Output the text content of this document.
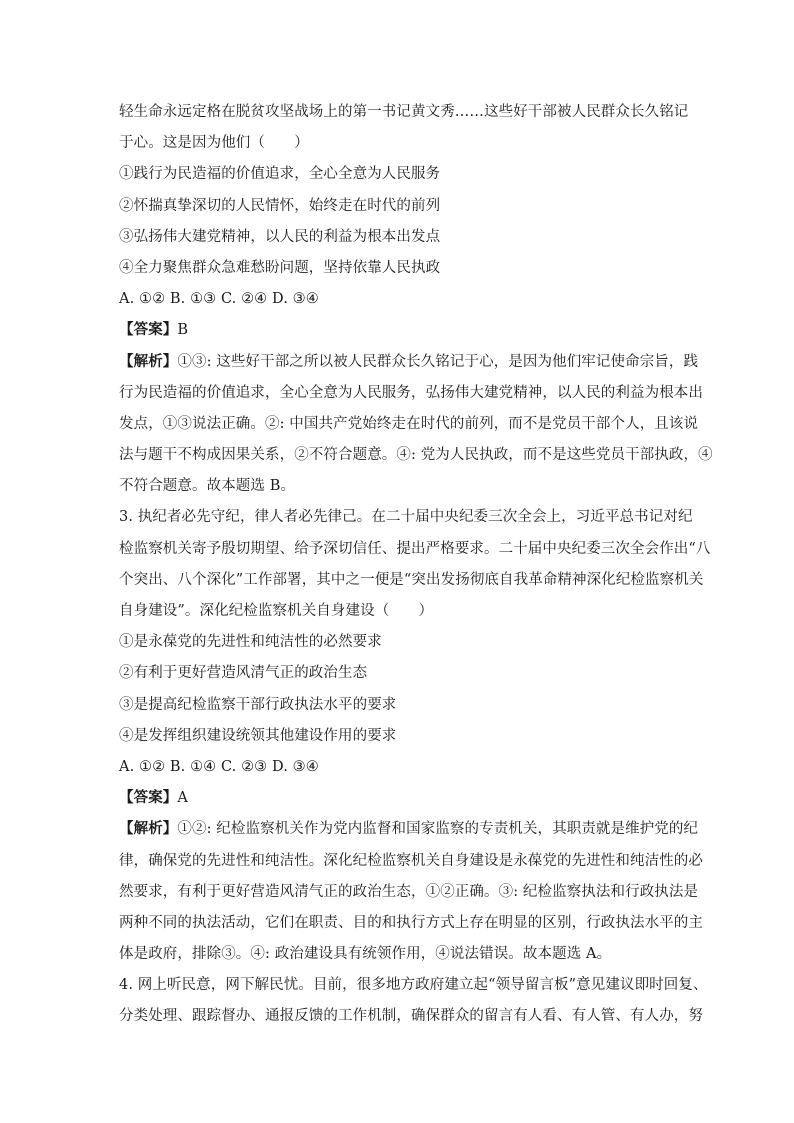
轻生命永远定格在脱贫攻坚战场上的第一书记黄文秀……这些好干部被人民群众长久铭记
于心。这是因为他们（　　）
①践行为民造福的价值追求，全心全意为人民服务
②怀揣真挚深切的人民情怀，始终走在时代的前列
③弘扬伟大建党精神，以人民的利益为根本出发点
④全力聚焦群众急难愁盼问题，坚持依靠人民执政
A. ①② B. ①③ C. ②④ D. ③④
【答案】B
【解析】①③: 这些好干部之所以被人民群众长久铭记于心，是因为他们牢记使命宗旨，践
行为民造福的价值追求，全心全意为人民服务，弘扬伟大建党精神，以人民的利益为根本出
发点，①③说法正确。②: 中国共产党始终走在时代的前列，而不是党员干部个人，且该说
法与题干不构成因果关系，②不符合题意。④: 党为人民执政，而不是这些党员干部执政，④
不符合题意。故本题选 B。
3. 执纪者必先守纪，律人者必先律己。在二十届中央纪委三次全会上，习近平总书记对纪
检监察机关寄予殷切期望、给予深切信任、提出严格要求。二十届中央纪委三次全会作出“八
个突出、八个深化”工作部署，其中之一便是“突出发扬彻底自我革命精神深化纪检监察机关
自身建设”。深化纪检监察机关自身建设（　　）
①是永葆党的先进性和纯洁性的必然要求
②有利于更好营造风清气正的政治生态
③是提高纪检监察干部行政执法水平的要求
④是发挥组织建设统领其他建设作用的要求
A. ①② B. ①④ C. ②③ D. ③④
【答案】A
【解析】①②: 纪检监察机关作为党内监督和国家监察的专责机关，其职责就是维护党的纪
律，确保党的先进性和纯洁性。深化纪检监察机关自身建设是永葆党的先进性和纯洁性的必
然要求，有利于更好营造风清气正的政治生态，①②正确。③: 纪检监察执法和行政执法是
两种不同的执法活动，它们在职责、目的和执行方式上存在明显的区别，行政执法水平的主
体是政府，排除③。④: 政治建设具有统领作用，④说法错误。故本题选 A。
4. 网上听民意，网下解民忧。目前，很多地方政府建立起“领导留言板”意见建议即时回复、
分类处理、跟踪督办、通报反馈的工作机制，确保群众的留言有人看、有人管、有人办，努
